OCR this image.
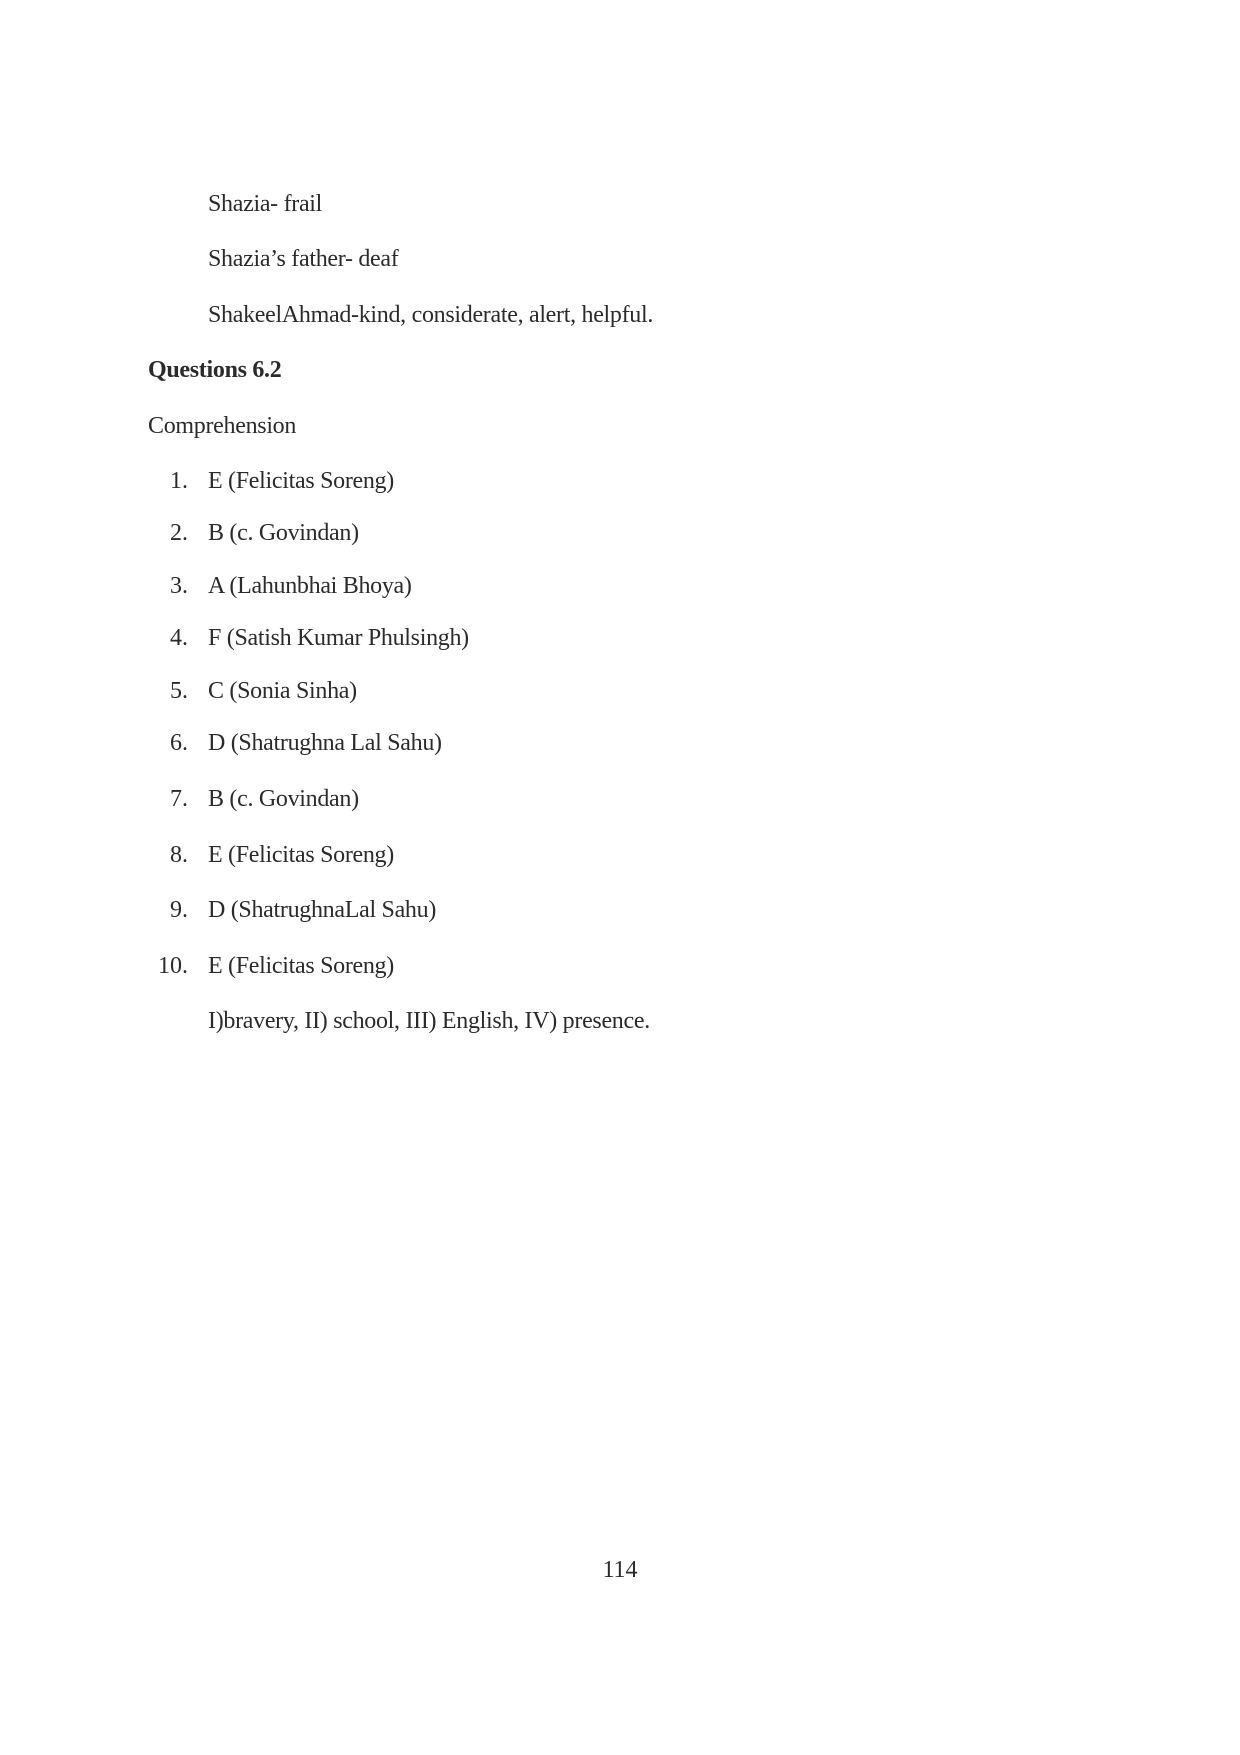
Shazia- frail
Shazia’s father- deaf
ShakeelAhmad-kind, considerate, alert, helpful.
Questions 6.2
Comprehension
1. E (Felicitas Soreng)
2. B (c. Govindan)
3. A (Lahunbhai Bhoya)
4. F (Satish Kumar Phulsingh)
5. C (Sonia Sinha)
6. D (Shatrughna Lal Sahu)
7. B (c. Govindan)
8. E (Felicitas Soreng)
9. D (ShatrughnaLal Sahu)
10. E (Felicitas Soreng)
I)bravery, II) school, III) English, IV) presence.
114
